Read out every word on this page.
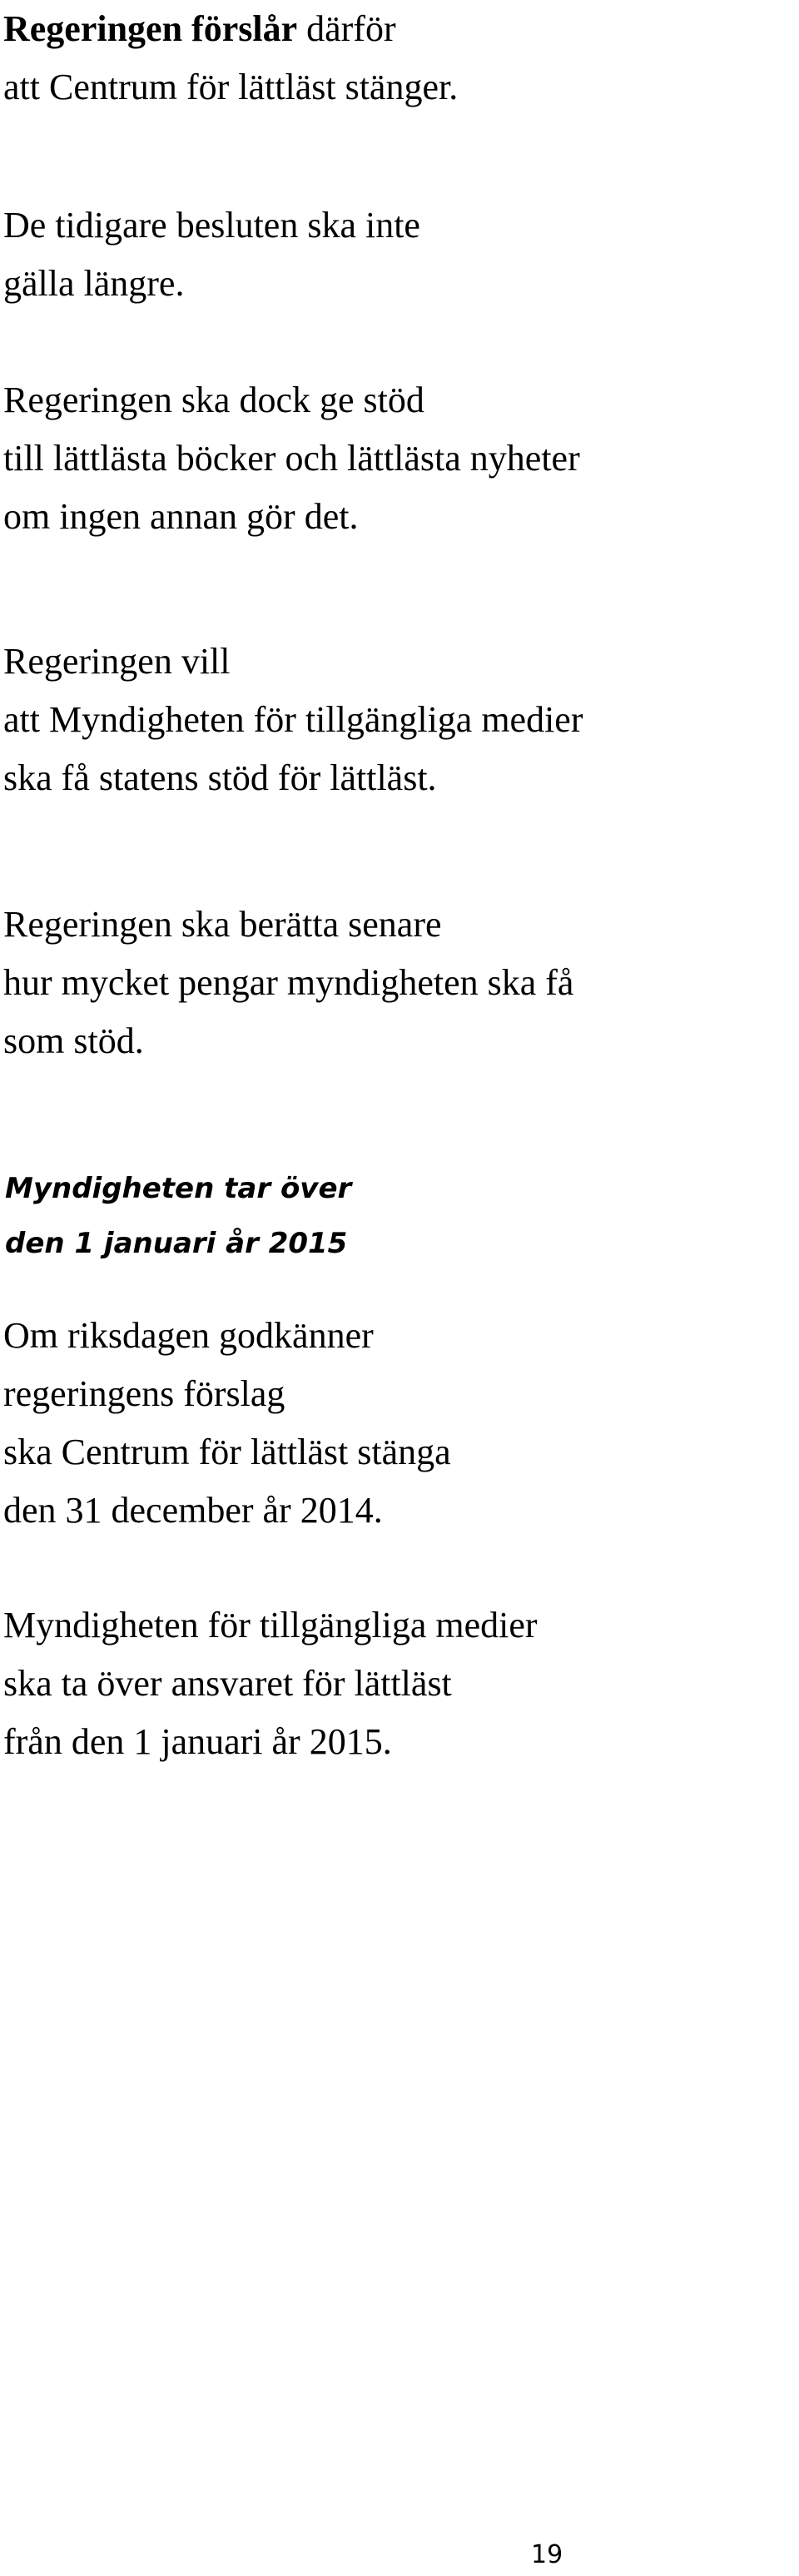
Regeringen förslår därför
att Centrum för lättläst stänger.

De tidigare besluten ska inte
gälla längre.

Regeringen ska dock ge stöd
till lättlästa böcker och lättlästa nyheter
om ingen annan gör det.

Regeringen vill
att Myndigheten för tillgängliga medier
ska få statens stöd för lättläst.

Regeringen ska berätta senare
hur mycket pengar myndigheten ska få
som stöd.

Myndigheten tar över
den 1 januari år 2015

Om riksdagen godkänner
regeringens förslag
ska Centrum för lättläst stänga
den 31 december år 2014.

Myndigheten för tillgängliga medier
ska ta över ansvaret för lättläst
från den 1 januari år 2015.

19
